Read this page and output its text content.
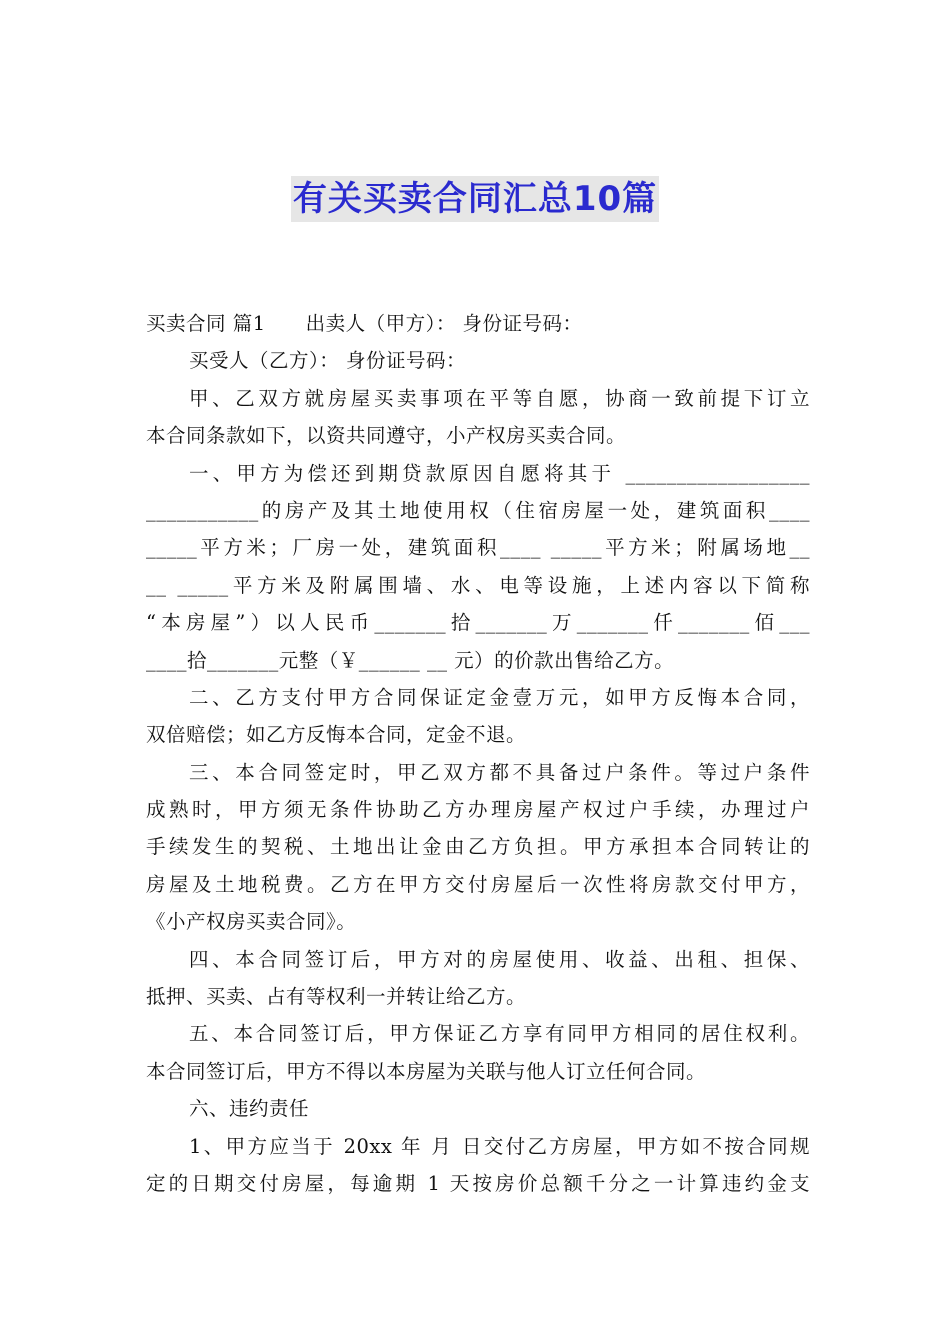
有关买卖合同汇总10篇
买卖合同 篇1 出卖人（甲方）： 身份证号码：
买受人（乙方）： 身份证号码：
甲、乙双方就房屋买卖事项在平等自愿，协商一致前提下订立
本合同条款如下，以资共同遵守，小产权房买卖合同。
一、甲方为偿还到期贷款原因自愿将其于 __________________
___________的房产及其土地使用权（住宿房屋一处，建筑面积____
_____平方米；厂房一处，建筑面积____ _____平方米；附属场地__
__ _____平方米及附属围墙、水、电等设施，上述内容以下简称
“本房屋”）以人民币_______拾_______万_______仟_______佰___
____拾_______元整（￥______ __ 元）的价款出售给乙方。
二、乙方支付甲方合同保证定金壹万元，如甲方反悔本合同，
双倍赔偿；如乙方反悔本合同，定金不退。
三、本合同签定时，甲乙双方都不具备过户条件。等过户条件
成熟时，甲方须无条件协助乙方办理房屋产权过户手续，办理过户
手续发生的契税、土地出让金由乙方负担。甲方承担本合同转让的
房屋及土地税费。乙方在甲方交付房屋后一次性将房款交付甲方，
《小产权房买卖合同》。
四、本合同签订后，甲方对的房屋使用、收益、出租、担保、
抵押、买卖、占有等权利一并转让给乙方。
五、本合同签订后，甲方保证乙方享有同甲方相同的居住权利。
本合同签订后，甲方不得以本房屋为关联与他人订立任何合同。
六、违约责任
1、甲方应当于 20xx 年 月 日交付乙方房屋，甲方如不按合同规
定的日期交付房屋，每逾期 1 天按房价总额千分之一计算违约金支
